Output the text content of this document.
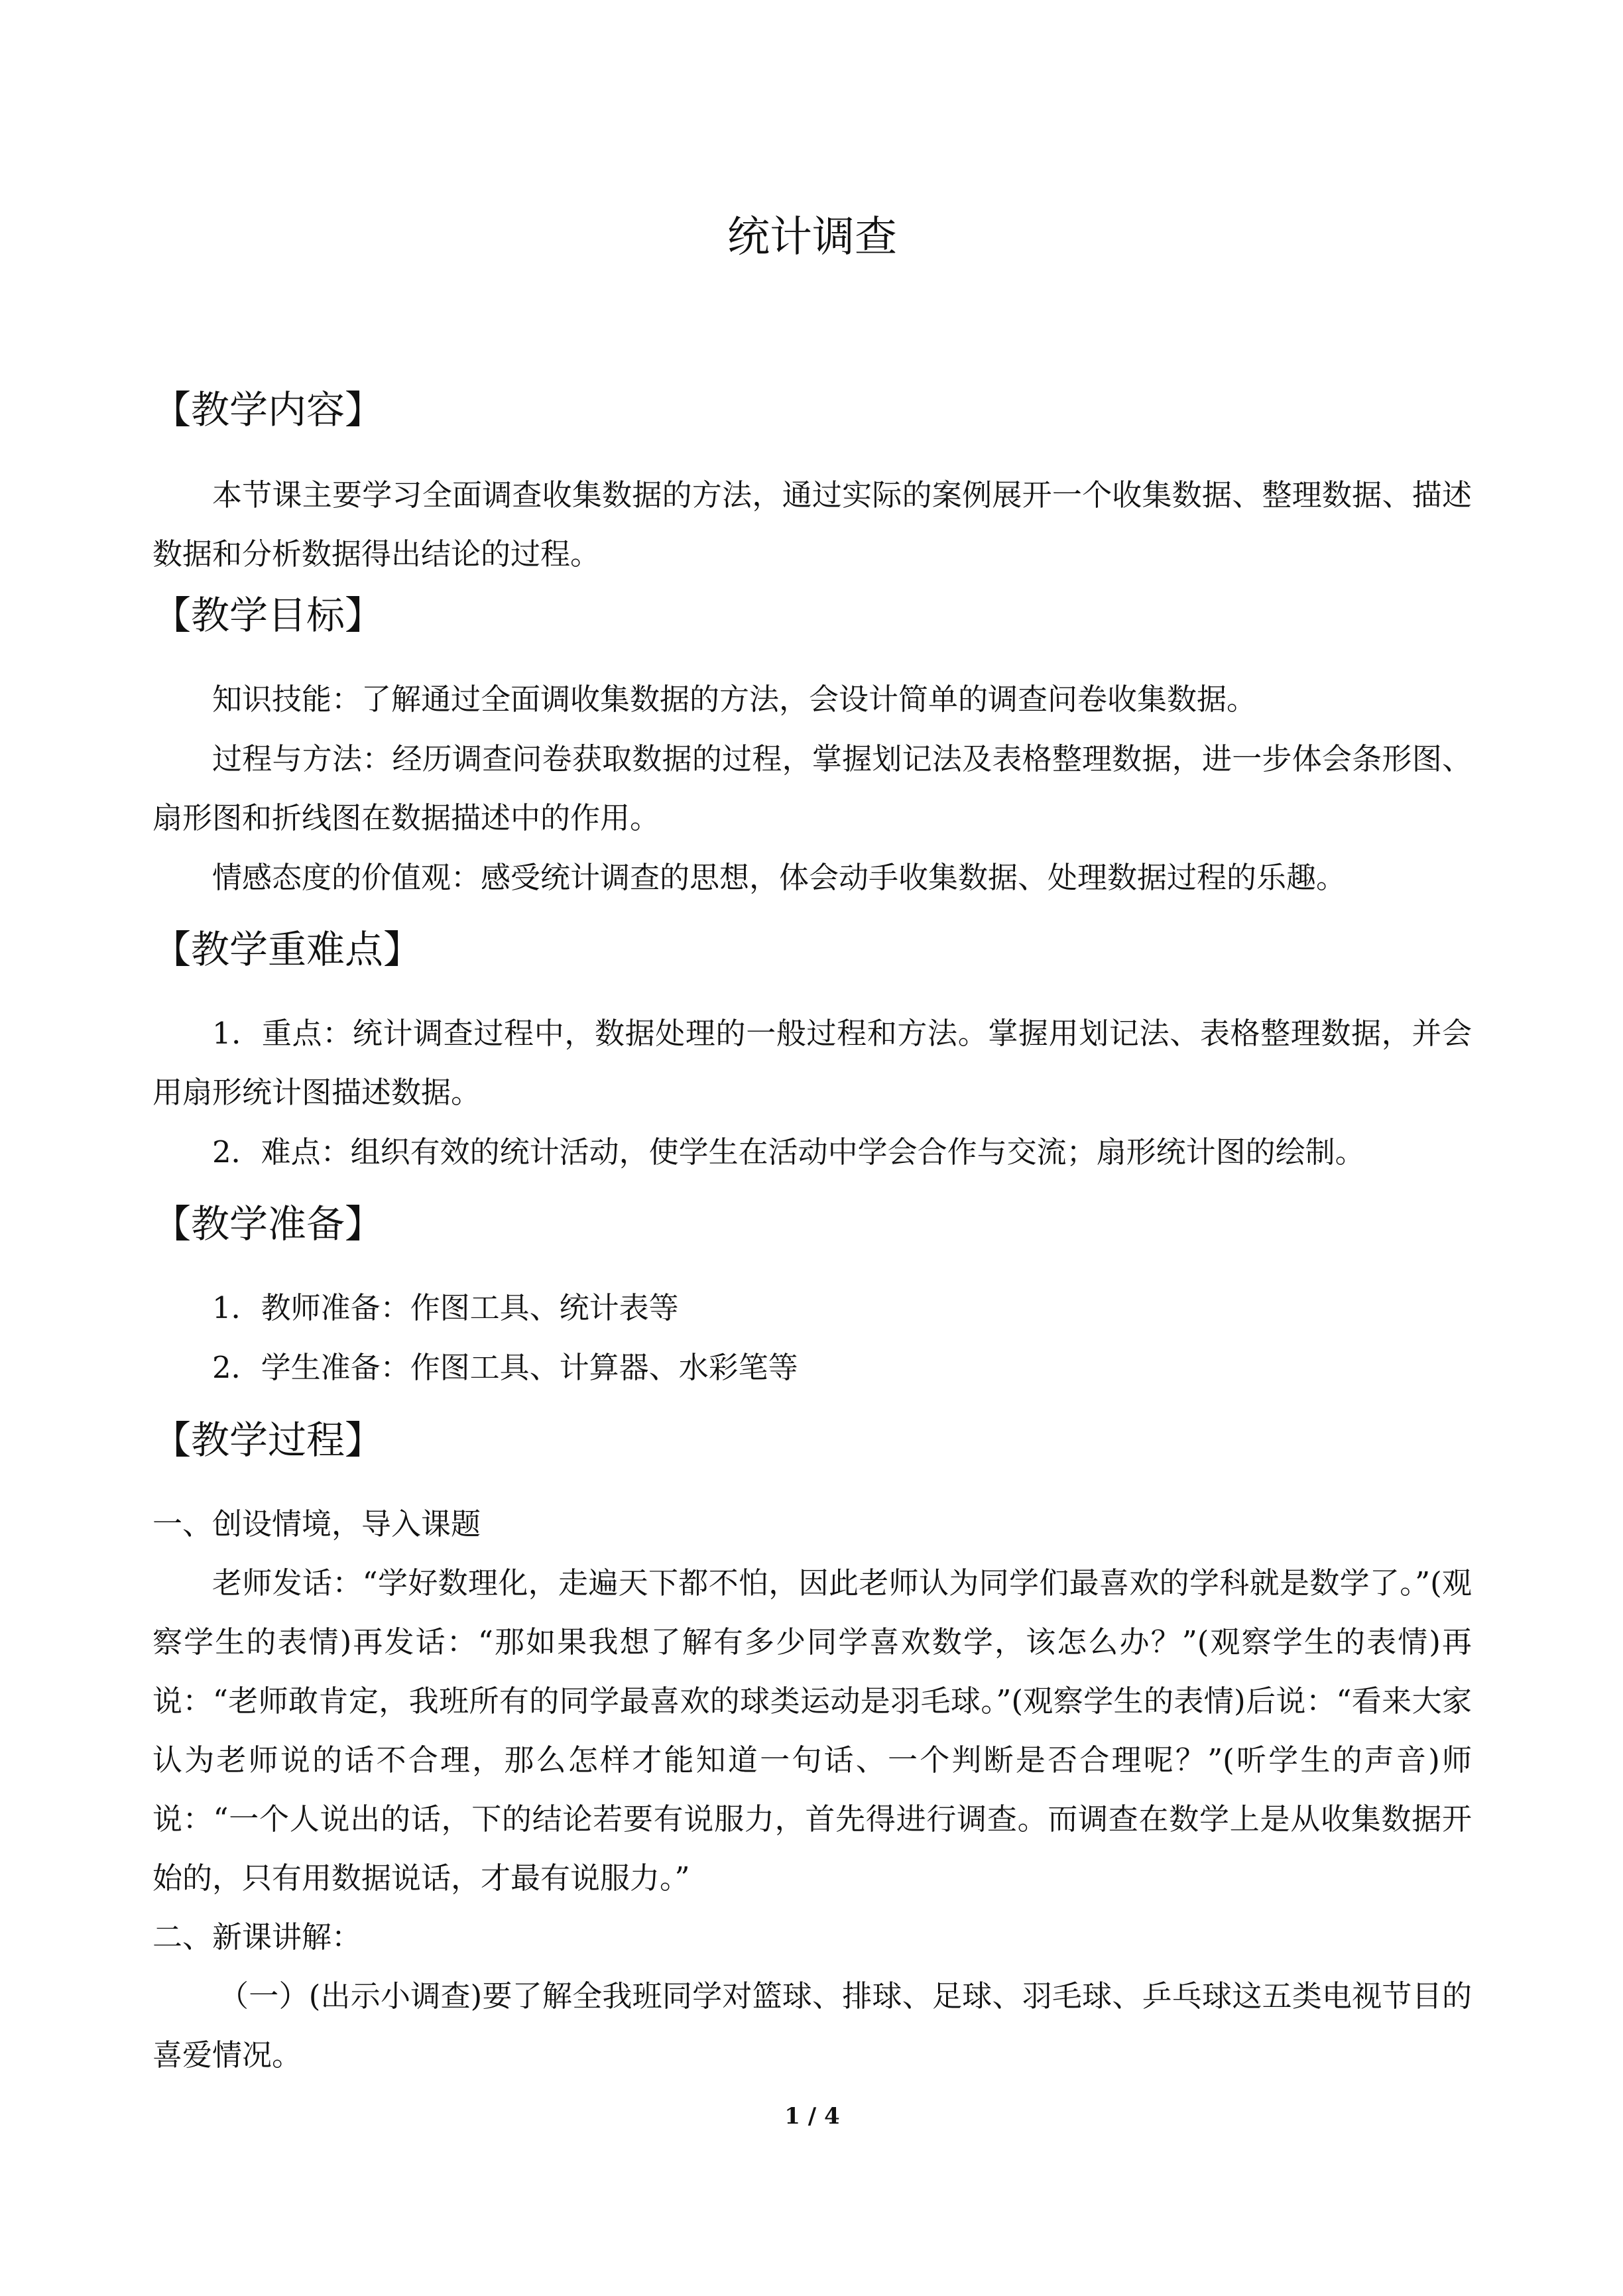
统计调查
【教学内容】

本节课主要学习全面调查收集数据的方法，通过实际的案例展开一个收集数据、整理数据、描述数据和分析数据得出结论的过程。

【教学目标】

知识技能：了解通过全面调收集数据的方法，会设计简单的调查问卷收集数据。

过程与方法：经历调查问卷获取数据的过程，掌握划记法及表格整理数据，进一步体会条形图、扇形图和折线图在数据描述中的作用。

情感态度的价值观：感受统计调查的思想，体会动手收集数据、处理数据过程的乐趣。

【教学重难点】

1．重点：统计调查过程中，数据处理的一般过程和方法。掌握用划记法、表格整理数据，并会用扇形统计图描述数据。

2．难点：组织有效的统计活动，使学生在活动中学会合作与交流；扇形统计图的绘制。

【教学准备】

1．教师准备：作图工具、统计表等

2．学生准备：作图工具、计算器、水彩笔等

【教学过程】

一、创设情境，导入课题

老师发话：“学好数理化，走遍天下都不怕，因此老师认为同学们最喜欢的学科就是数学了。”(观察学生的表情)再发话：“那如果我想了解有多少同学喜欢数学，该怎么办？”(观察学生的表情)再说：“老师敢肯定，我班所有的同学最喜欢的球类运动是羽毛球。”(观察学生的表情)后说：“看来大家认为老师说的话不合理，那么怎样才能知道一句话、一个判断是否合理呢？”(听学生的声音)师说：“一个人说出的话，下的结论若要有说服力，首先得进行调查。而调查在数学上是从收集数据开始的，只有用数据说话，才最有说服力。”

二、新课讲解：

（一）(出示小调查)要了解全我班同学对篮球、排球、足球、羽毛球、乒乓球这五类电视节目的喜爱情况。

1 / 4
